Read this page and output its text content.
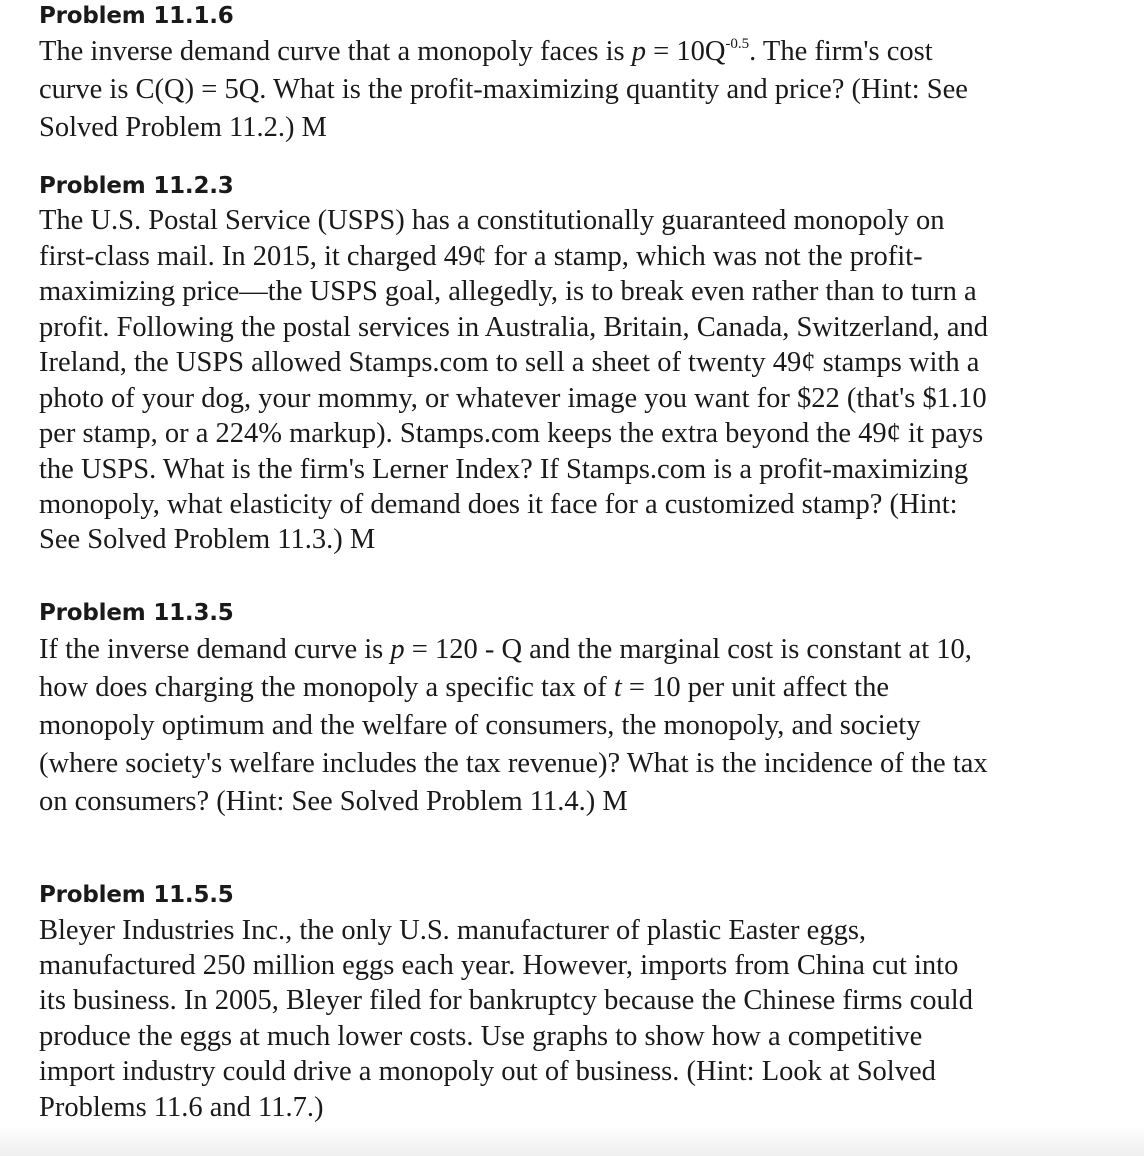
Problem 11.1.6
The inverse demand curve that a monopoly faces is $p = 10Q^{-0.5}$. The firm's cost
curve is C(Q) = 5Q. What is the profit-maximizing quantity and price? (Hint: See
Solved Problem 11.2.) M
Problem 11.2.3
The U.S. Postal Service (USPS) has a constitutionally guaranteed monopoly on
first-class mail. In 2015, it charged 49¢ for a stamp, which was not the profit-
maximizing price—the USPS goal, allegedly, is to break even rather than to turn a
profit. Following the postal services in Australia, Britain, Canada, Switzerland, and
Ireland, the USPS allowed Stamps.com to sell a sheet of twenty 49¢ stamps with a
photo of your dog, your mommy, or whatever image you want for $22 (that's $1.10
per stamp, or a 224% markup). Stamps.com keeps the extra beyond the 49¢ it pays
the USPS. What is the firm's Lerner Index? If Stamps.com is a profit-maximizing
monopoly, what elasticity of demand does it face for a customized stamp? (Hint:
See Solved Problem 11.3.) M
Problem 11.3.5
If the inverse demand curve is p = 120 - Q and the marginal cost is constant at 10,
how does charging the monopoly a specific tax of t = 10 per unit affect the
monopoly optimum and the welfare of consumers, the monopoly, and society
(where society's welfare includes the tax revenue)? What is the incidence of the tax
on consumers? (Hint: See Solved Problem 11.4.) M
Problem 11.5.5
Bleyer Industries Inc., the only U.S. manufacturer of plastic Easter eggs,
manufactured 250 million eggs each year. However, imports from China cut into
its business. In 2005, Bleyer filed for bankruptcy because the Chinese firms could
produce the eggs at much lower costs. Use graphs to show how a competitive
import industry could drive a monopoly out of business. (Hint: Look at Solved
Problems 11.6 and 11.7.)
